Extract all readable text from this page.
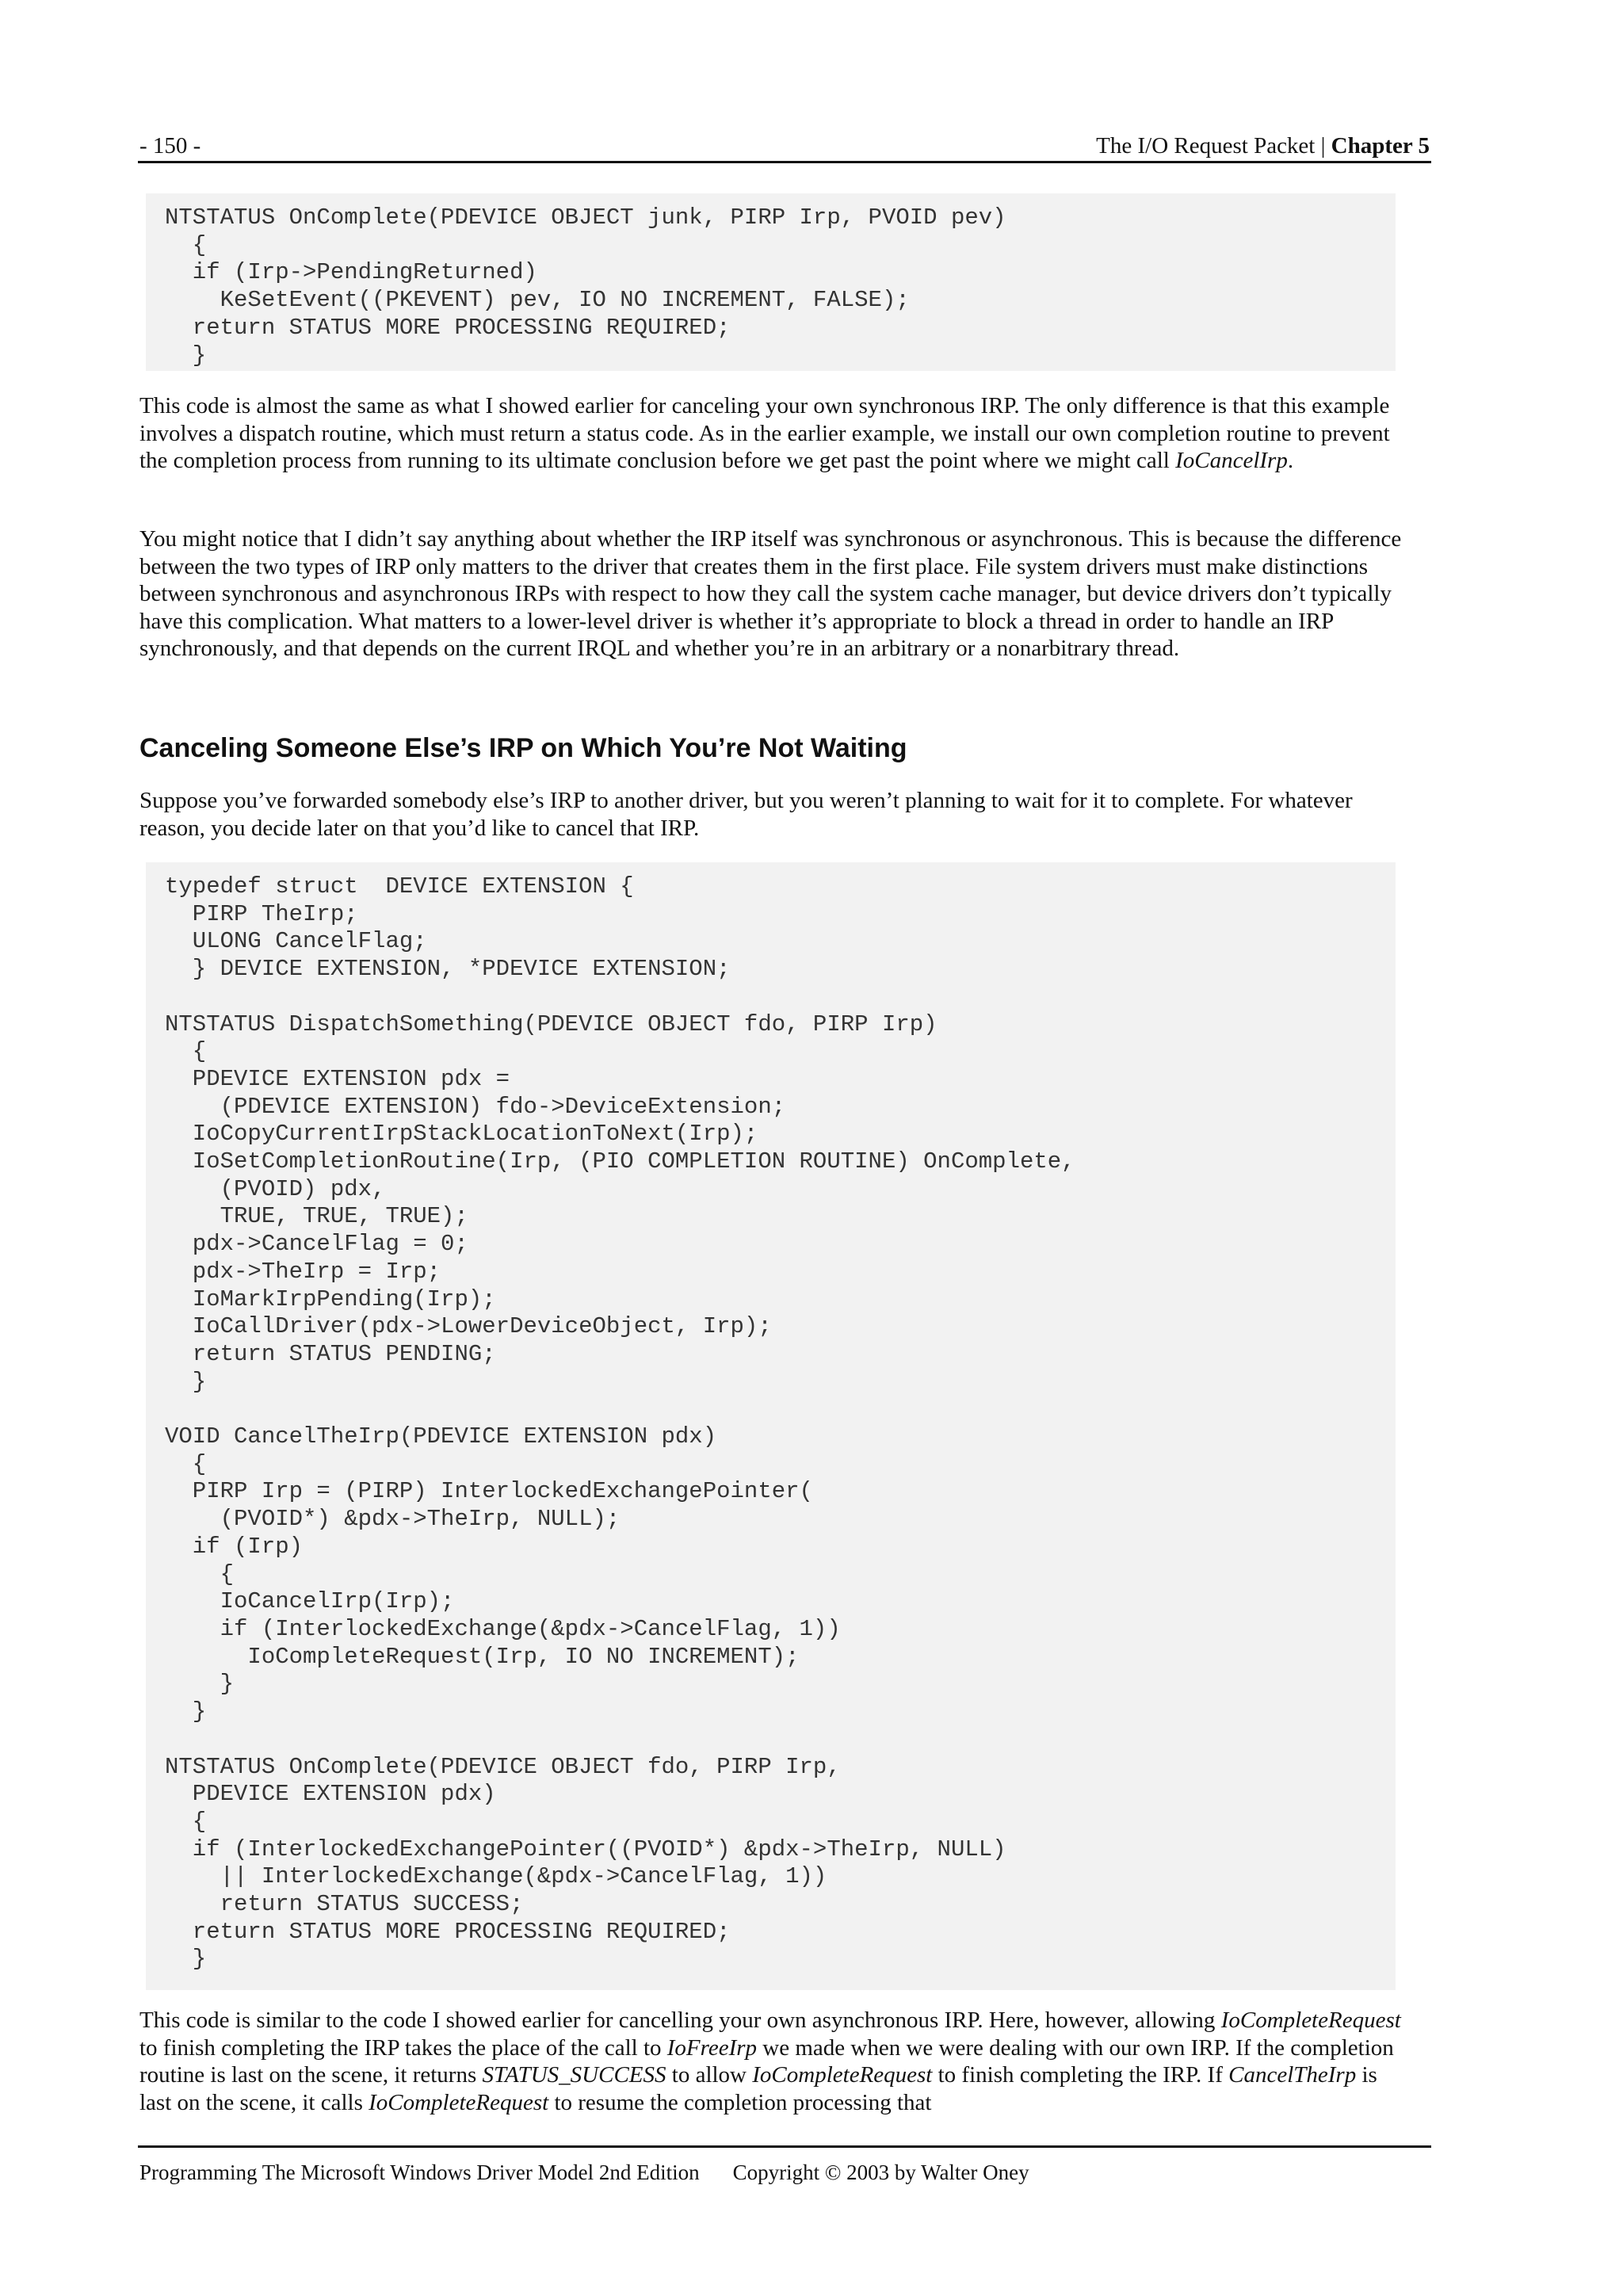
- 150 -	The I/O Request Packet | Chapter 5
NTSTATUS OnComplete(PDEVICE OBJECT junk, PIRP Irp, PVOID pev)
{
if (Irp->PendingReturned)
KeSetEvent((PKEVENT) pev, IO NO INCREMENT, FALSE);
return STATUS MORE PROCESSING REQUIRED;
}

This code is almost the same as what I showed earlier for canceling your own synchronous IRP. The only difference is that this example involves a dispatch routine, which must return a status code. As in the earlier example, we install our own completion routine to prevent the completion process from running to its ultimate conclusion before we get past the point where we might call IoCancelIrp.

You might notice that I didn’t say anything about whether the IRP itself was synchronous or asynchronous. This is because the difference between the two types of IRP only matters to the driver that creates them in the first place. File system drivers must make distinctions between synchronous and asynchronous IRPs with respect to how they call the system cache manager, but device drivers don’t typically have this complication. What matters to a lower-level driver is whether it’s appropriate to block a thread in order to handle an IRP synchronously, and that depends on the current IRQL and whether you’re in an arbitrary or a nonarbitrary thread.

Canceling Someone Else’s IRP on Which You’re Not Waiting

Suppose you’ve forwarded somebody else’s IRP to another driver, but you weren’t planning to wait for it to complete. For whatever reason, you decide later on that you’d like to cancel that IRP.

typedef struct  DEVICE EXTENSION {
PIRP TheIrp;
ULONG CancelFlag;
} DEVICE EXTENSION, *PDEVICE EXTENSION;

NTSTATUS DispatchSomething(PDEVICE OBJECT fdo, PIRP Irp)
{
PDEVICE EXTENSION pdx =
(PDEVICE EXTENSION) fdo->DeviceExtension;
IoCopyCurrentIrpStackLocationToNext(Irp);
IoSetCompletionRoutine(Irp, (PIO COMPLETION ROUTINE) OnComplete,
(PVOID) pdx,
TRUE, TRUE, TRUE);
pdx->CancelFlag = 0;
pdx->TheIrp = Irp;
IoMarkIrpPending(Irp);
IoCallDriver(pdx->LowerDeviceObject, Irp);
return STATUS PENDING;
}

VOID CancelTheIrp(PDEVICE EXTENSION pdx)
{
PIRP Irp = (PIRP) InterlockedExchangePointer(
(PVOID*) &pdx->TheIrp, NULL);
if (Irp)
{
IoCancelIrp(Irp);
if (InterlockedExchange(&pdx->CancelFlag, 1))
IoCompleteRequest(Irp, IO NO INCREMENT);
}
}

NTSTATUS OnComplete(PDEVICE OBJECT fdo, PIRP Irp,
PDEVICE EXTENSION pdx)
{
if (InterlockedExchangePointer((PVOID*) &pdx->TheIrp, NULL)
|| InterlockedExchange(&pdx->CancelFlag, 1))
return STATUS SUCCESS;
return STATUS MORE PROCESSING REQUIRED;
}

This code is similar to the code I showed earlier for cancelling your own asynchronous IRP. Here, however, allowing IoCompleteRequest to finish completing the IRP takes the place of the call to IoFreeIrp we made when we were dealing with our own IRP. If the completion routine is last on the scene, it returns STATUS_SUCCESS to allow IoCompleteRequest to finish completing the IRP. If CancelTheIrp is last on the scene, it calls IoCompleteRequest to resume the completion processing that

Programming The Microsoft Windows Driver Model 2nd Edition Copyright © 2003 by Walter Oney
